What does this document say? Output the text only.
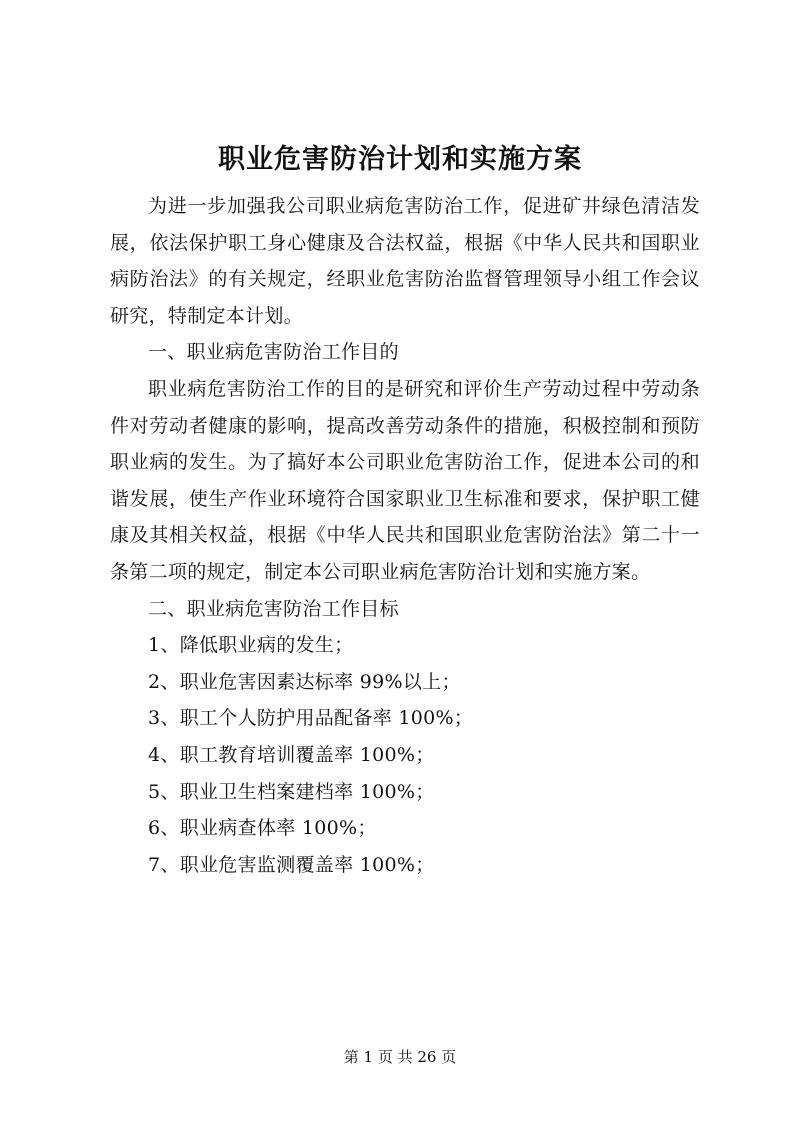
职业危害防治计划和实施方案

为进一步加强我公司职业病危害防治工作，促进矿井绿色清洁发展，依法保护职工身心健康及合法权益，根据《中华人民共和国职业病防治法》的有关规定，经职业危害防治监督管理领导小组工作会议研究，特制定本计划。

一、职业病危害防治工作目的

职业病危害防治工作的目的是研究和评价生产劳动过程中劳动条件对劳动者健康的影响，提高改善劳动条件的措施，积极控制和预防职业病的发生。为了搞好本公司职业危害防治工作，促进本公司的和谐发展，使生产作业环境符合国家职业卫生标准和要求，保护职工健康及其相关权益，根据《中华人民共和国职业危害防治法》第二十一条第二项的规定，制定本公司职业病危害防治计划和实施方案。

二、职业病危害防治工作目标

1、降低职业病的发生；

2、职业危害因素达标率 99%以上；

3、职工个人防护用品配备率 100%；

4、职工教育培训覆盖率 100%；

5、职业卫生档案建档率 100%；

6、职业病查体率 100%；

7、职业危害监测覆盖率 100%；

第 1 页 共 26 页
